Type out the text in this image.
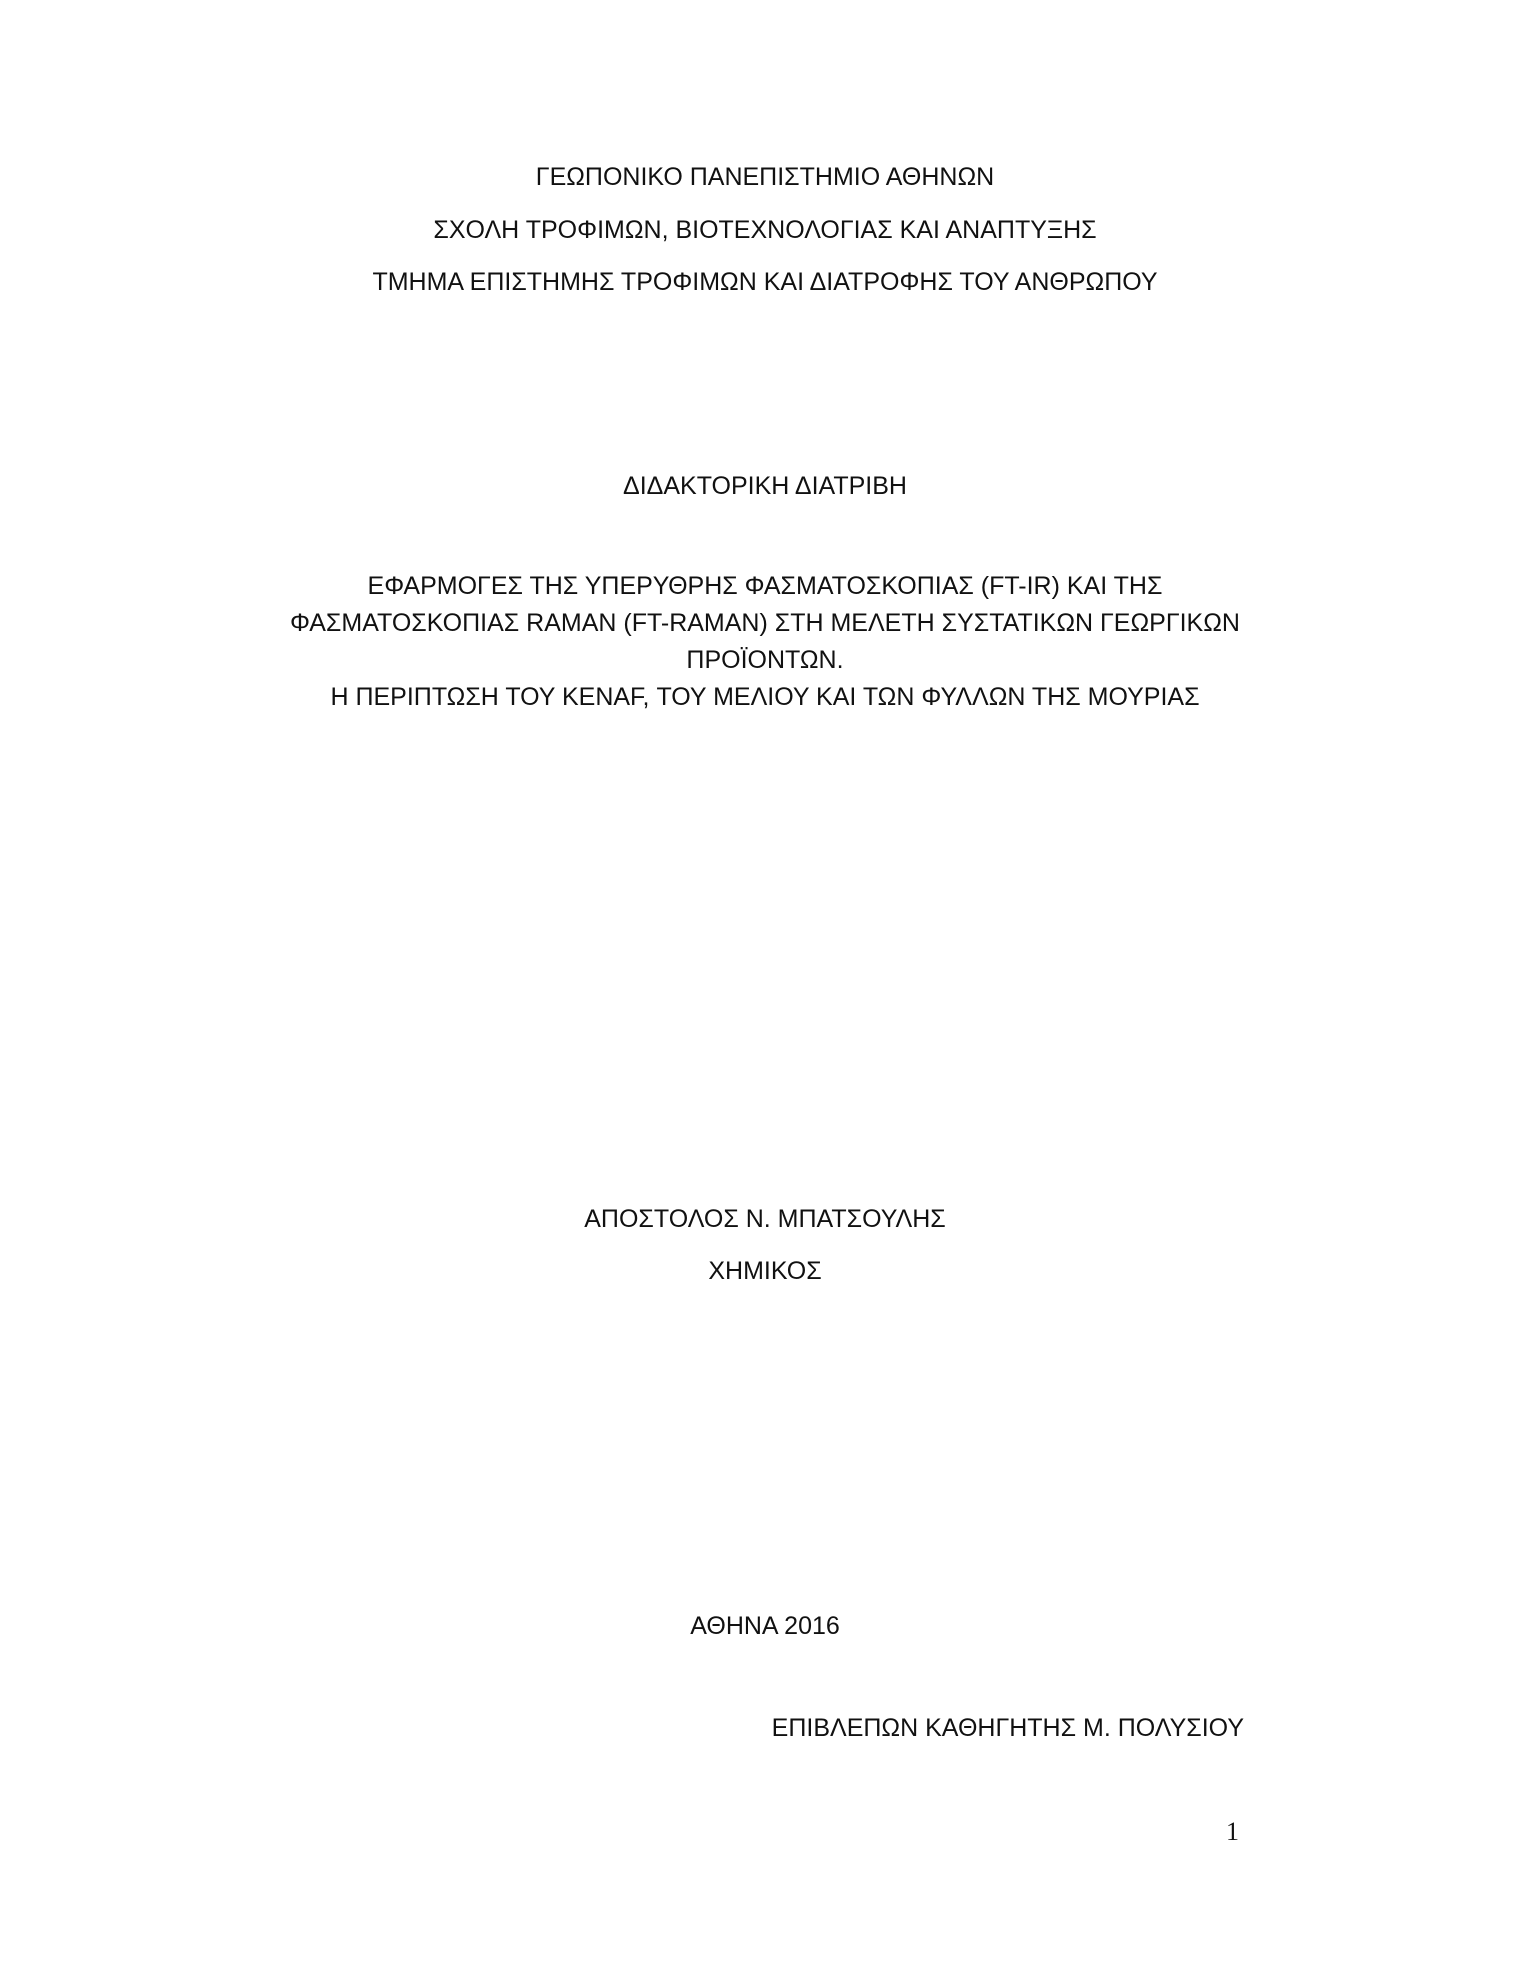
ΓΕΩΠΟΝΙΚΟ ΠΑΝΕΠΙΣΤΗΜΙΟ ΑΘΗΝΩΝ
ΣΧΟΛΗ ΤΡΟΦΙΜΩΝ, ΒΙΟΤΕΧΝΟΛΟΓΙΑΣ ΚΑΙ ΑΝΑΠΤΥΞΗΣ
ΤΜΗΜΑ ΕΠΙΣΤΗΜΗΣ ΤΡΟΦΙΜΩΝ ΚΑΙ ΔΙΑΤΡΟΦΗΣ ΤΟΥ ΑΝΘΡΩΠΟΥ
ΔΙΔΑΚΤΟΡΙΚΗ ΔΙΑΤΡΙΒΗ
ΕΦΑΡΜΟΓΕΣ ΤΗΣ ΥΠΕΡΥΘΡΗΣ ΦΑΣΜΑΤΟΣΚΟΠΙΑΣ (FT-IR) ΚΑΙ ΤΗΣ
ΦΑΣΜΑΤΟΣΚΟΠΙΑΣ RAMAN (FT-RAMAN) ΣΤΗ ΜΕΛΕΤΗ ΣΥΣΤΑΤΙΚΩΝ ΓΕΩΡΓΙΚΩΝ
ΠΡΟΪΟΝΤΩΝ.
Η ΠΕΡΙΠΤΩΣΗ ΤΟΥ KENAF, ΤΟΥ ΜΕΛΙΟΥ ΚΑΙ ΤΩΝ ΦΥΛΛΩΝ ΤΗΣ ΜΟΥΡΙΑΣ
ΑΠΟΣΤΟΛΟΣ Ν. ΜΠΑΤΣΟΥΛΗΣ
ΧΗΜΙΚΟΣ
ΑΘΗΝΑ 2016
ΕΠΙΒΛΕΠΩΝ ΚΑΘΗΓΗΤΗΣ Μ. ΠΟΛΥΣΙΟΥ
1
